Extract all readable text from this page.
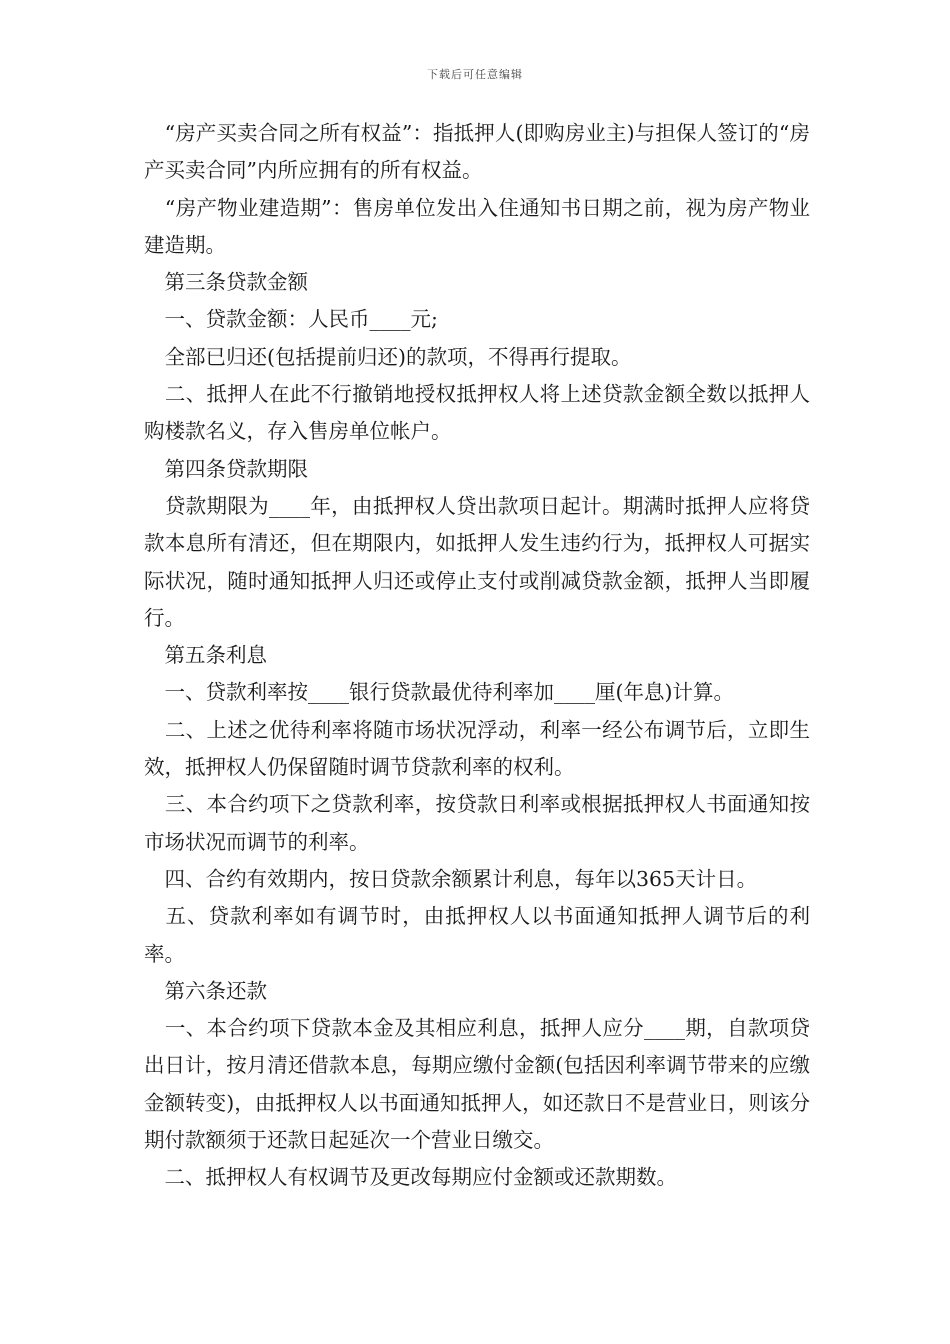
下载后可任意编辑

　“房产买卖合同之所有权益”：指抵押人(即购房业主)与担保人签订的“房产买卖合同”内所应拥有的所有权益。

　“房产物业建造期”：售房单位发出入住通知书日期之前，视为房产物业建造期。

　第三条贷款金额

　一、贷款金额：人民币____元;

　全部已归还(包括提前归还)的款项，不得再行提取。

　二、抵押人在此不行撤销地授权抵押权人将上述贷款金额全数以抵押人购楼款名义，存入售房单位帐户。

　第四条贷款期限

　贷款期限为____年，由抵押权人贷出款项日起计。期满时抵押人应将贷款本息所有清还，但在期限内，如抵押人发生违约行为，抵押权人可据实际状况，随时通知抵押人归还或停止支付或削减贷款金额，抵押人当即履行。

　第五条利息

　一、贷款利率按____银行贷款最优待利率加____厘(年息)计算。

　二、上述之优待利率将随市场状况浮动，利率一经公布调节后，立即生效，抵押权人仍保留随时调节贷款利率的权利。

　三、本合约项下之贷款利率，按贷款日利率或根据抵押权人书面通知按市场状况而调节的利率。

　四、合约有效期内，按日贷款余额累计利息，每年以365天计日。

　五、贷款利率如有调节时，由抵押权人以书面通知抵押人调节后的利率。

　第六条还款

　一、本合约项下贷款本金及其相应利息，抵押人应分____期，自款项贷出日计，按月清还借款本息，每期应缴付金额(包括因利率调节带来的应缴金额转变)，由抵押权人以书面通知抵押人，如还款日不是营业日，则该分期付款额须于还款日起延次一个营业日缴交。

　二、抵押权人有权调节及更改每期应付金额或还款期数。
